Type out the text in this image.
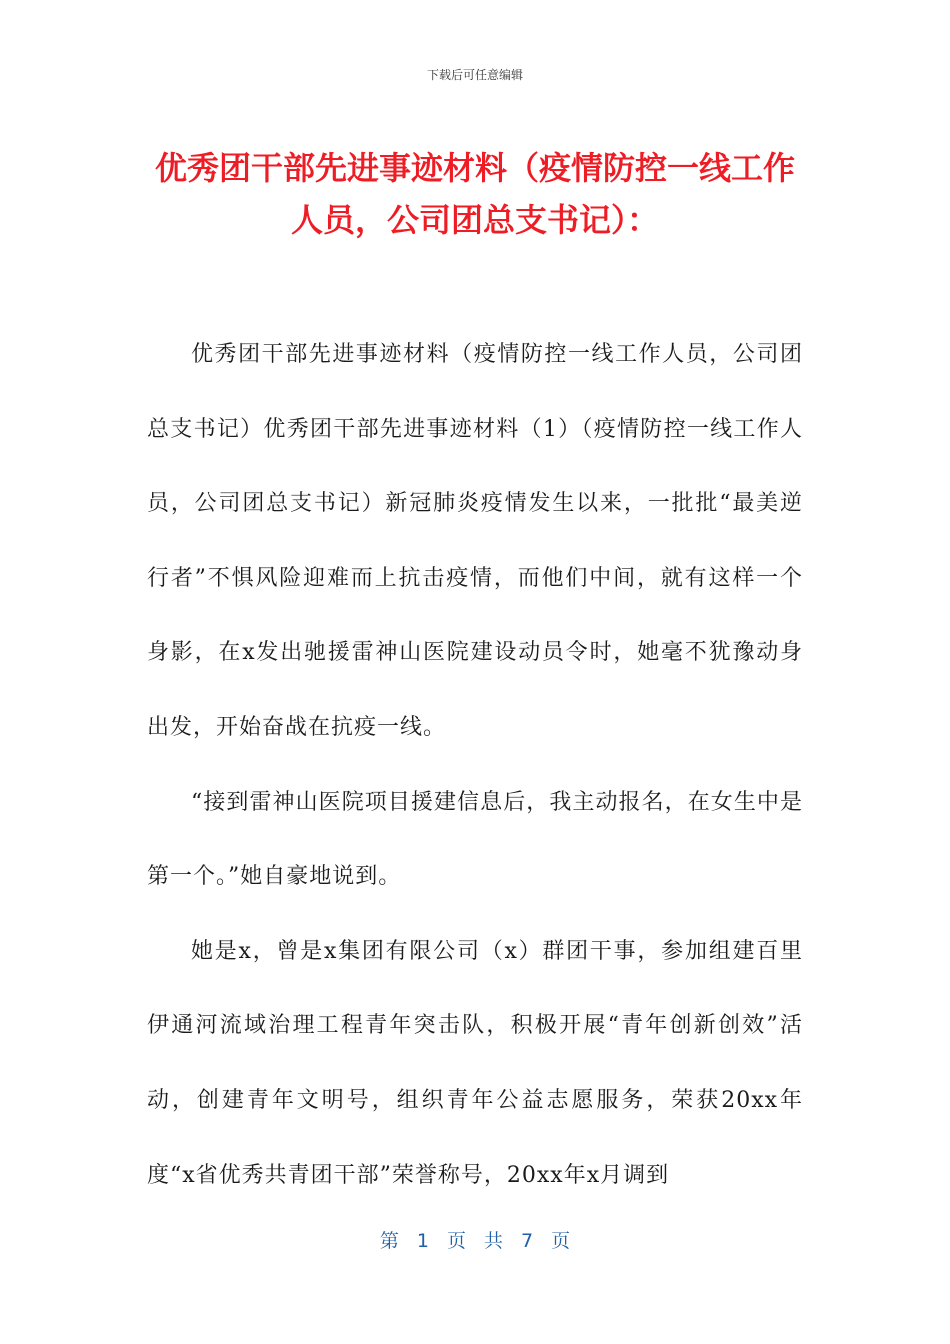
下载后可任意编辑
优秀团干部先进事迹材料（疫情防控一线工作人员，公司团总支书记）：

优秀团干部先进事迹材料（疫情防控一线工作人员，公司团总支书记）优秀团干部先进事迹材料（1）（疫情防控一线工作人员，公司团总支书记）新冠肺炎疫情发生以来，一批批“最美逆行者”不惧风险迎难而上抗击疫情，而他们中间，就有这样一个身影，在x发出驰援雷神山医院建设动员令时，她毫不犹豫动身出发，开始奋战在抗疫一线。

“接到雷神山医院项目援建信息后，我主动报名，在女生中是第一个。”她自豪地说到。

她是x，曾是x集团有限公司（x）群团干事，参加组建百里伊通河流域治理工程青年突击队，积极开展“青年创新创效”活动，创建青年文明号，组织青年公益志愿服务，荣获20xx年度“x省优秀共青团干部”荣誉称号，20xx年x月调到

第 1 页 共 7 页
